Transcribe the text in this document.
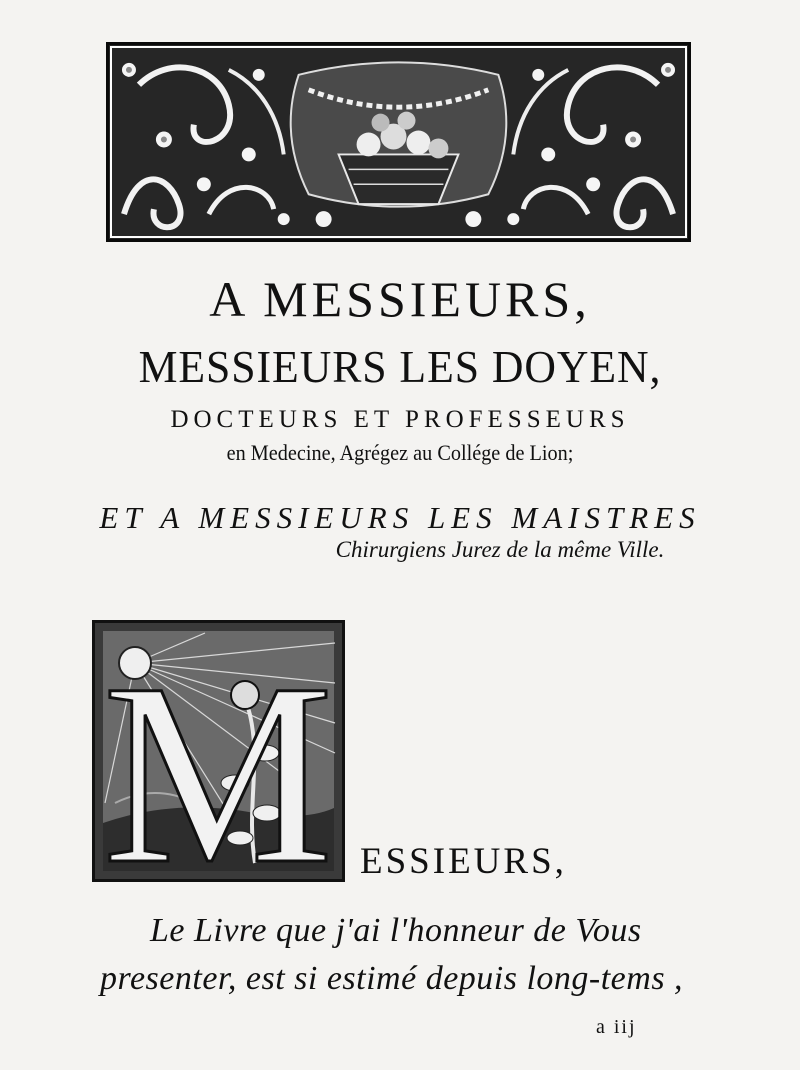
A MESSIEURS,
MESSIEURS LES DOYEN,
DOCTEURS ET PROFESSEURS
en Medecine, Agrégez au Collége de Lion;
ET A MESSIEURS LES MAISTRES
Chirurgiens Jurez de la même Ville.
M ESSIEURS,
Le Livre que j'ai l'honneur de Vous
presenter, est si estimé depuis long-tems ,
a iij
